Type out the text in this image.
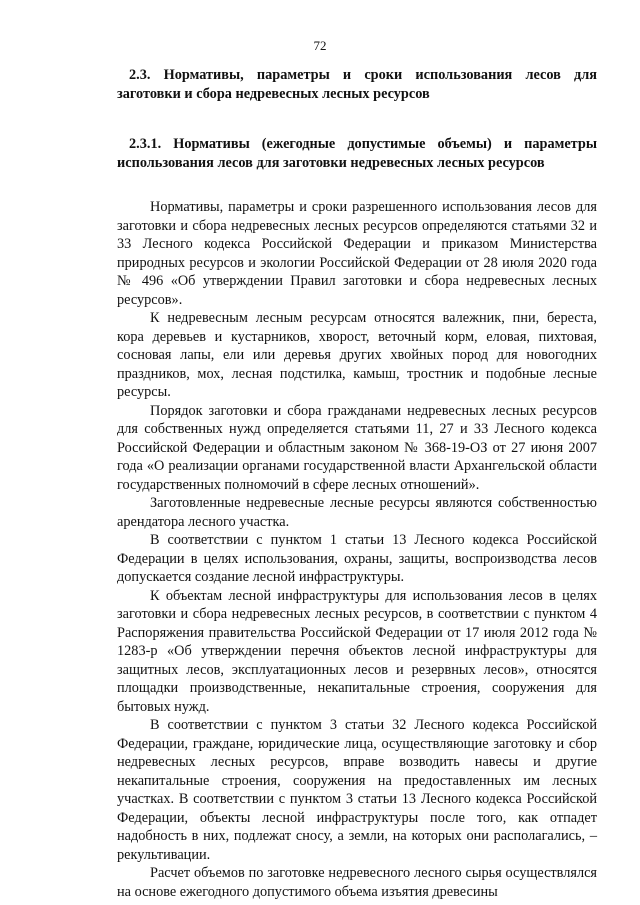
72

2.3. Нормативы, параметры и сроки использования лесов для заготовки и сбора недревесных лесных ресурсов

2.3.1. Нормативы (ежегодные допустимые объемы) и параметры использования лесов для заготовки недревесных лесных ресурсов

Нормативы, параметры и сроки разрешенного использования лесов для заготовки и сбора недревесных лесных ресурсов определяются статьями 32 и 33 Лесного кодекса Российской Федерации и приказом Министерства природных ресурсов и экологии Российской Федерации от 28 июля 2020 года № 496 «Об утверждении Правил заготовки и сбора недревесных лесных ресурсов».

К недревесным лесным ресурсам относятся валежник, пни, береста, кора деревьев и кустарников, хворост, веточный корм, еловая, пихтовая, сосновая лапы, ели или деревья других хвойных пород для новогодних праздников, мох, лесная подстилка, камыш, тростник и подобные лесные ресурсы.

Порядок заготовки и сбора гражданами недревесных лесных ресурсов для собственных нужд определяется статьями 11, 27 и 33 Лесного кодекса Российской Федерации и областным законом № 368-19-ОЗ от 27 июня 2007 года «О реализации органами государственной власти Архангельской области государственных полномочий в сфере лесных отношений».

Заготовленные недревесные лесные ресурсы являются собственностью арендатора лесного участка.

В соответствии с пунктом 1 статьи 13 Лесного кодекса Российской Федерации в целях использования, охраны, защиты, воспроизводства лесов допускается создание лесной инфраструктуры.

К объектам лесной инфраструктуры для использования лесов в целях заготовки и сбора недревесных лесных ресурсов, в соответствии с пунктом 4 Распоряжения правительства Российской Федерации от 17 июля 2012 года № 1283-р «Об утверждении перечня объектов лесной инфраструктуры для защитных лесов, эксплуатационных лесов и резервных лесов», относятся площадки производственные, некапитальные строения, сооружения для бытовых нужд.

В соответствии с пунктом 3 статьи 32 Лесного кодекса Российской Федерации, граждане, юридические лица, осуществляющие заготовку и сбор недревесных лесных ресурсов, вправе возводить навесы и другие некапитальные строения, сооружения на предоставленных им лесных участках. В соответствии с пунктом 3 статьи 13 Лесного кодекса Российской Федерации, объекты лесной инфраструктуры после того, как отпадет надобность в них, подлежат сносу, а земли, на которых они располагались, – рекультивации.

Расчет объемов по заготовке недревесного лесного сырья осуществлялся на основе ежегодного допустимого объема изъятия древесины
